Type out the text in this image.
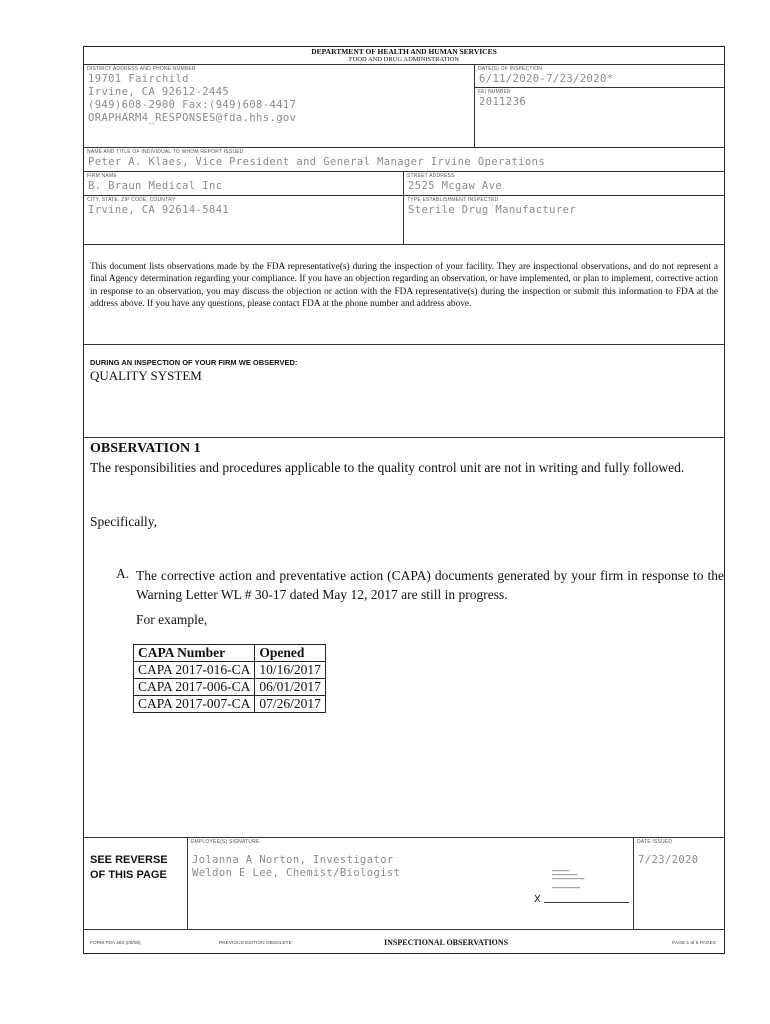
DEPARTMENT OF HEALTH AND HUMAN SERVICES
FOOD AND DRUG ADMINISTRATION
DISTRICT ADDRESS AND PHONE NUMBER
19701 Fairchild
Irvine, CA 92612-2445
(949)608-2900 Fax:(949)608-4417
ORAPHARM4_RESPONSES@fda.hhs.gov
DATE(S) OF INSPECTION
6/11/2020-7/23/2020*
FEI NUMBER
2011236
NAME AND TITLE OF INDIVIDUAL TO WHOM REPORT ISSUED
Peter A. Klaes, Vice President and General Manager Irvine Operations
FIRM NAME
B. Braun Medical Inc
STREET ADDRESS
2525 Mcgaw Ave
CITY, STATE, ZIP CODE, COUNTRY
Irvine, CA 92614-5841
TYPE ESTABLISHMENT INSPECTED
Sterile Drug Manufacturer
This document lists observations made by the FDA representative(s) during the inspection of your facility. They are inspectional observations, and do not represent a final Agency determination regarding your compliance. If you have an objection regarding an observation, or have implemented, or plan to implement, corrective action in response to an observation, you may discuss the objection or action with the FDA representative(s) during the inspection or submit this information to FDA at the address above. If you have any questions, please contact FDA at the phone number and address above.
DURING AN INSPECTION OF YOUR FIRM WE OBSERVED:
QUALITY SYSTEM
OBSERVATION 1
The responsibilities and procedures applicable to the quality control unit are not in writing and fully followed.
Specifically,
A. The corrective action and preventative action (CAPA) documents generated by your firm in response to the Warning Letter WL # 30-17 dated May 12, 2017 are still in progress.
For example,
CAPA Number	Opened
CAPA 2017-016-CA	10/16/2017
CAPA 2017-006-CA	06/01/2017
CAPA 2017-007-CA	07/26/2017
SEE REVERSE
OF THIS PAGE
EMPLOYEE(S) SIGNATURE
Jolanna A Norton, Investigator
Weldon E Lee, Chemist/Biologist	━━━━━━━━
━━━━━━━━━━━━
━━━━━━━━━━━━━━━

━━━━━━━━━━━━━
X
DATE ISSUED
7/23/2020
FORM FDA 483 (09/08)	PREVIOUS EDITION OBSOLETE	INSPECTIONAL OBSERVATIONS	PAGE 1 of 6 PAGES
